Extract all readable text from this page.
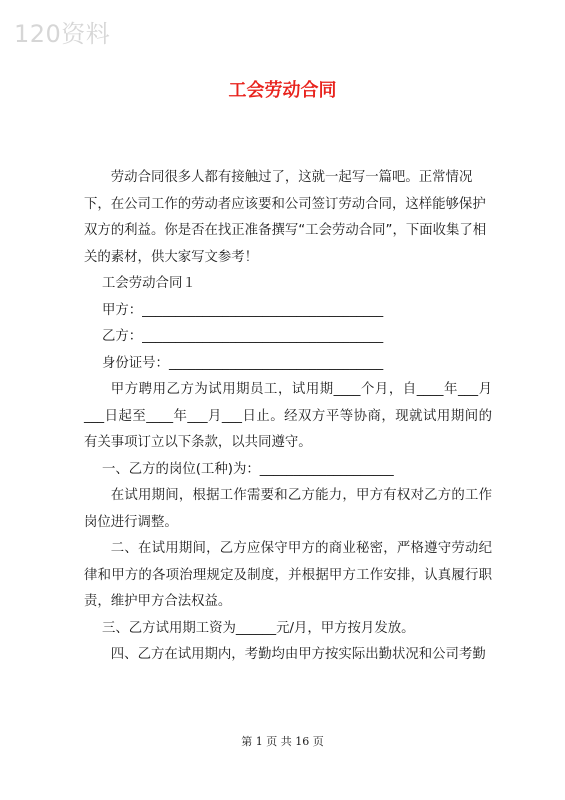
120资料
工会劳动合同

劳动合同很多人都有接触过了，这就一起写一篇吧。正常情况下，在公司工作的劳动者应该要和公司签订劳动合同，这样能够保护双方的利益。你是否在找正准备撰写“工会劳动合同”，下面收集了相关的素材，供大家写文参考！

工会劳动合同１

甲方：____________________________________

乙方：____________________________________

身份证号：________________________________

甲方聘用乙方为试用期员工，试用期____个月，自____年___月___日起至____年___月___日止。经双方平等协商，现就试用期间的有关事项订立以下条款，以共同遵守。

一、乙方的岗位(工种)为：____________________

在试用期间，根据工作需要和乙方能力，甲方有权对乙方的工作岗位进行调整。

二、在试用期间，乙方应保守甲方的商业秘密，严格遵守劳动纪律和甲方的各项治理规定及制度，并根据甲方工作安排，认真履行职责，维护甲方合法权益。

三、乙方试用期工资为______元/月，甲方按月发放。

四、乙方在试用期内，考勤均由甲方按实际出勤状况和公司考勤

第 1 页 共 16 页
